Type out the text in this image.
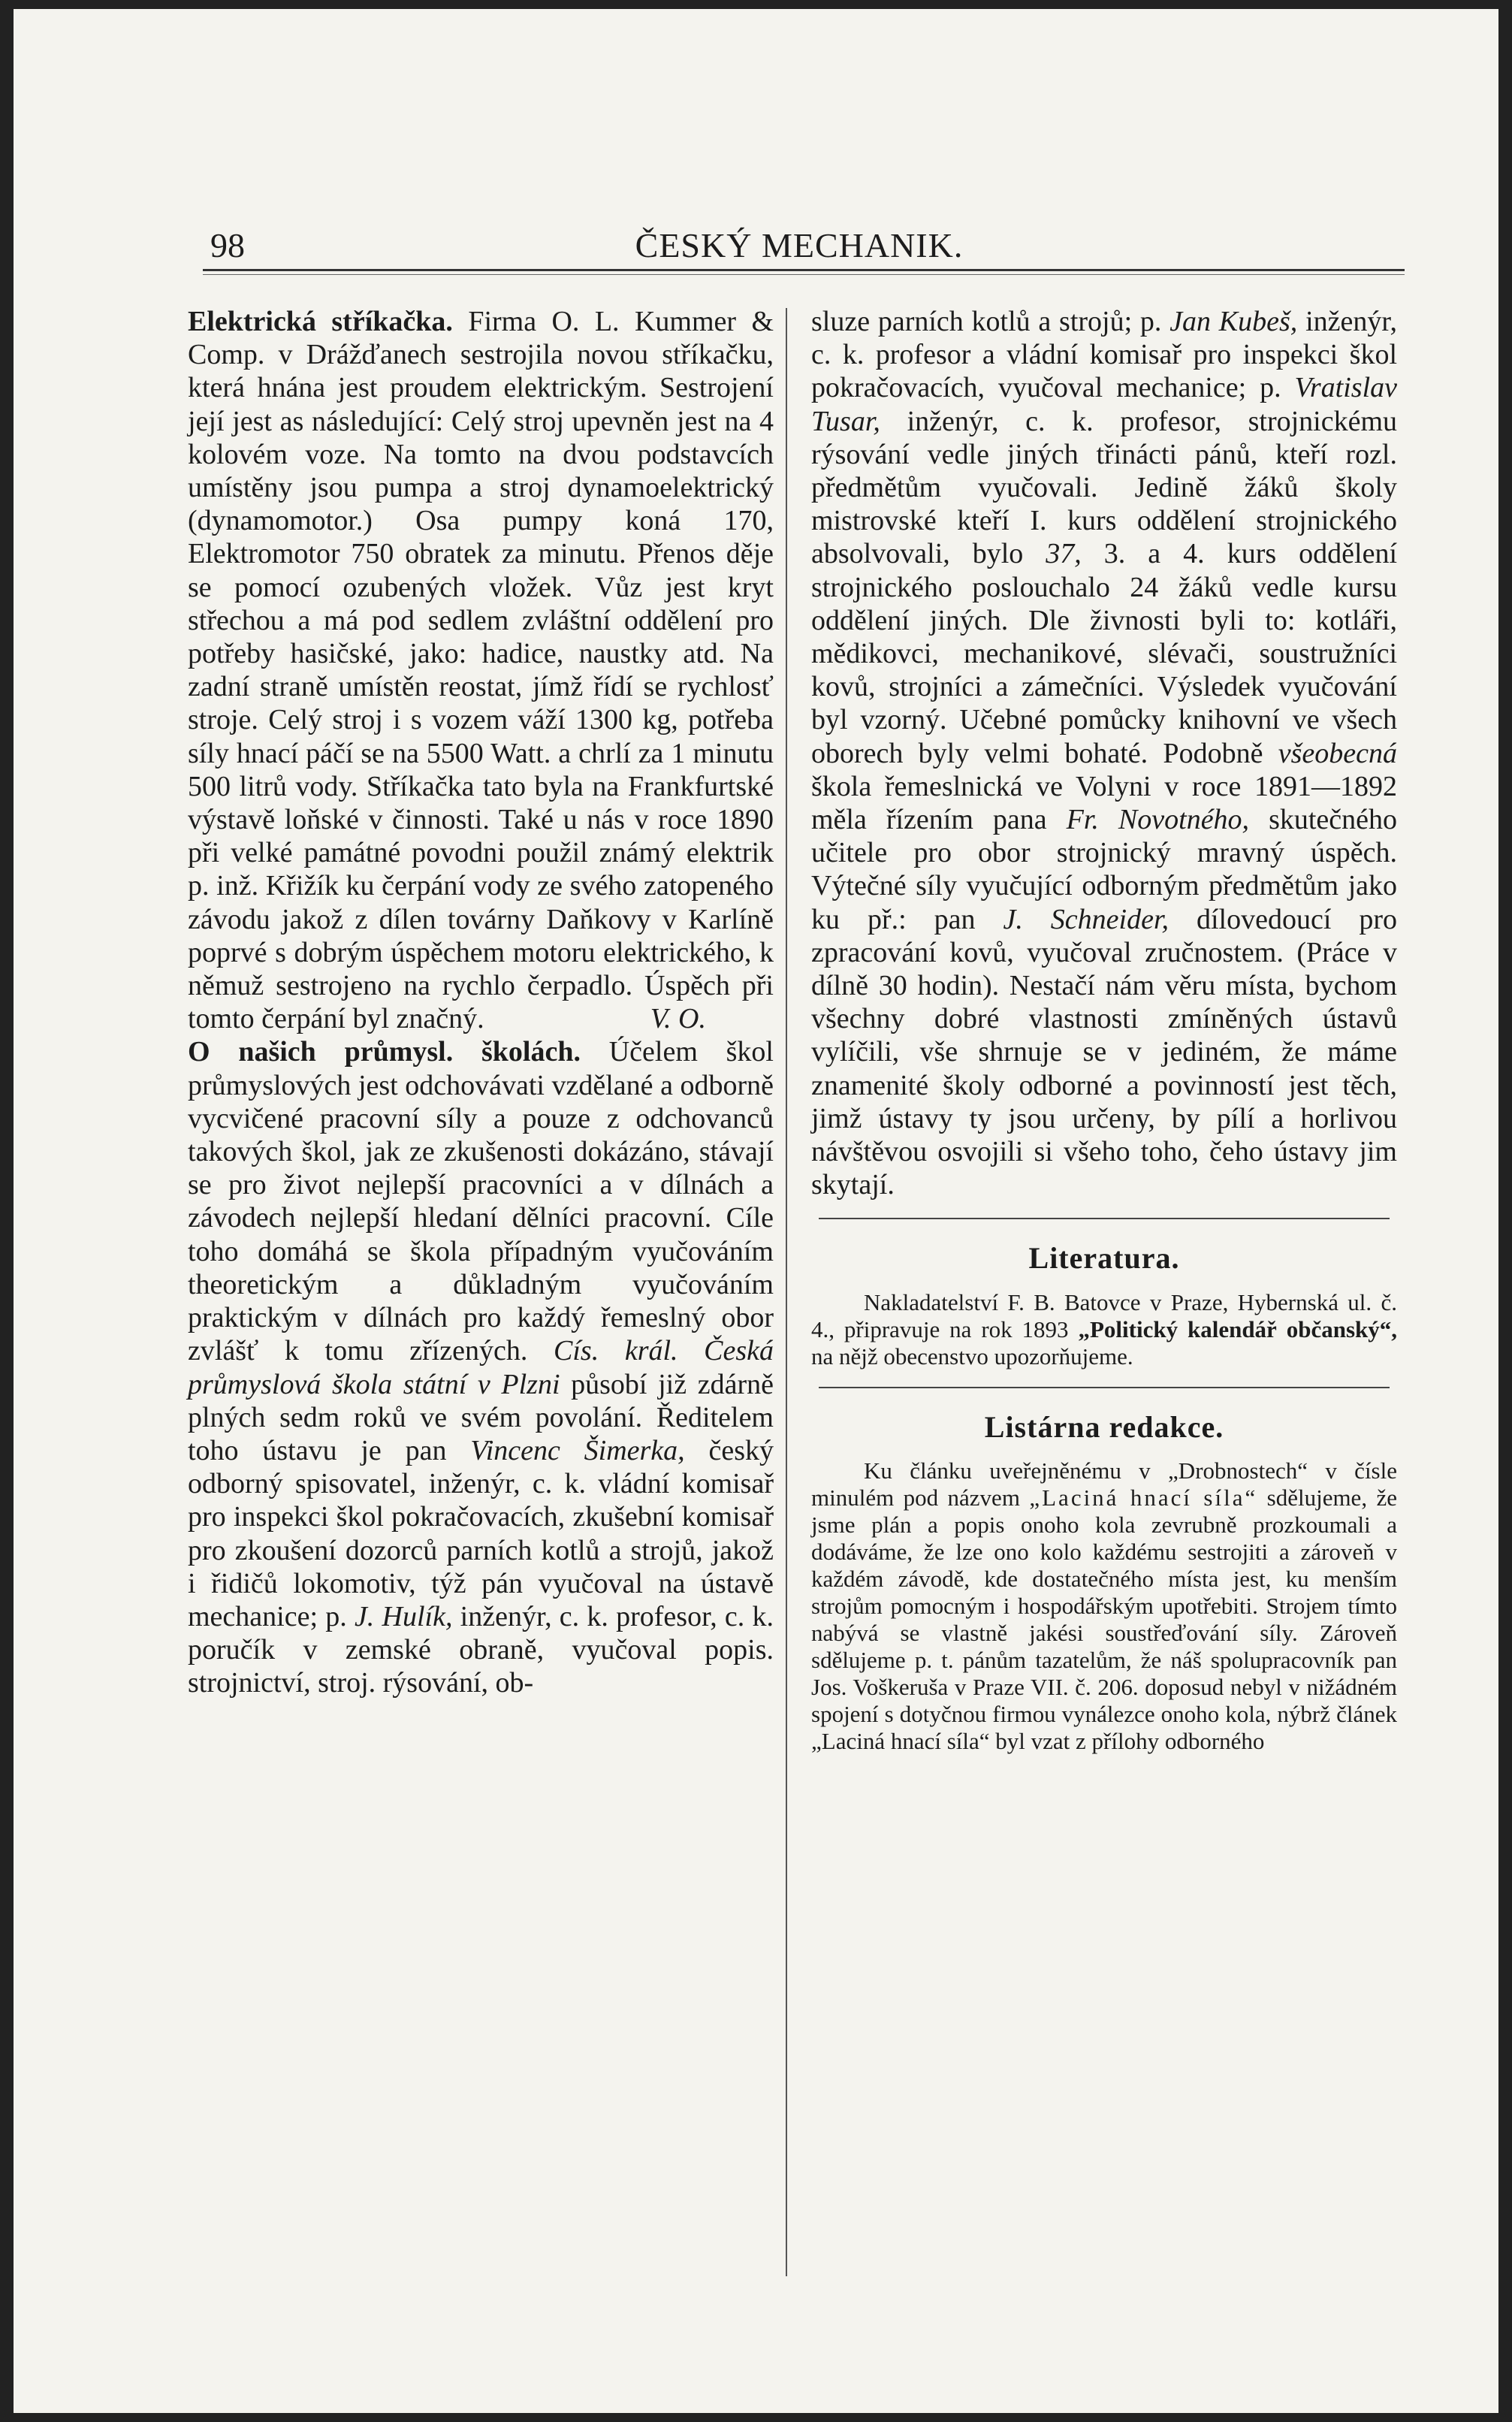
98	ČESKÝ MECHANIK.

Elektrická stříkačka. Firma O. L. Kummer & Comp. v Drážďanech sestrojila novou stříkačku, která hnána jest proudem elektrickým. Sestrojení její jest as následující: Celý stroj upevněn jest na 4 kolovém voze. Na tomto na dvou podstavcích umístěny jsou pumpa a stroj dynamoelektrický (dynamomotor.) Osa pumpy koná 170, Elektromotor 750 obratek za minutu. Přenos děje se pomocí ozubených vložek. Vůz jest kryt střechou a má pod sedlem zvláštní oddělení pro potřeby hasičské, jako: hadice, naustky atd. Na zadní straně umístěn reostat, jímž řídí se rychlosť stroje. Celý stroj i s vozem váží 1300 kg, potřeba síly hnací páčí se na 5500 Watt. a chrlí za 1 minutu 500 litrů vody. Stříkačka tato byla na Frankfurtské výstavě loňské v činnosti. Také u nás v roce 1890 při velké památné povodni použil známý elektrik p. inž. Křižík ku čerpání vody ze svého zatopeného závodu jakož z dílen továrny Daňkovy v Karlíně poprvé s dobrým úspěchem motoru elektrického, k němuž sestrojeno na rychlo čerpadlo. Úspěch při tomto čerpání byl značný.	V. O.

O našich průmysl. školách. Účelem škol průmyslových jest odchovávati vzdělané a odborně vycvičené pracovní síly a pouze z odchovanců takových škol, jak ze zkušenosti dokázáno, stávají se pro život nejlepší pracovníci a v dílnách a závodech nejlepší hledaní dělníci pracovní. Cíle toho domáhá se škola případným vyučováním theoretickým a důkladným vyučováním praktickým v dílnách pro každý řemeslný obor zvlášť k tomu zřízených. Cís. král. Česká průmyslová škola státní v Plzni působí již zdárně plných sedm roků ve svém povolání. Ředitelem toho ústavu je pan Vincenc Šimerka, český odborný spisovatel, inženýr, c. k. vládní komisař pro inspekci škol pokračovacích, zkušební komisař pro zkoušení dozorců parních kotlů a strojů, jakož i řidičů lokomotiv, týž pán vyučoval na ústavě mechanice; p. J. Hulík, inženýr, c. k. profesor, c. k. poručík v zemské obraně, vyučoval popis. strojnictví, stroj. rýsování, ob-

sluze parních kotlů a strojů; p. Jan Kubeš, inženýr, c. k. profesor a vládní komisař pro inspekci škol pokračovacích, vyučoval mechanice; p. Vratislav Tusar, inženýr, c. k. profesor, strojnickému rýsování vedle jiných třinácti pánů, kteří rozl. předmětům vyučovali. Jedině žáků školy mistrovské kteří I. kurs oddělení strojnického absolvovali, bylo 37, 3. a 4. kurs oddělení strojnického poslouchalo 24 žáků vedle kursu oddělení jiných. Dle živnosti byli to: kotláři, mědikovci, mechanikové, slévači, soustružníci kovů, strojníci a zámečníci. Výsledek vyučování byl vzorný. Učebné pomůcky knihovní ve všech oborech byly velmi bohaté. Podobně všeobecná škola řemeslnická ve Volyni v roce 1891—1892 měla řízením pana Fr. Novotného, skutečného učitele pro obor strojnický mravný úspěch. Výtečné síly vyučující odborným předmětům jako ku př.: pan J. Schneider, dílovedoucí pro zpracování kovů, vyučoval zručnostem. (Práce v dílně 30 hodin). Nestačí nám věru místa, bychom všechny dobré vlastnosti zmíněných ústavů vylíčili, vše shrnuje se v jediném, že máme znamenité školy odborné a povinností jest těch, jimž ústavy ty jsou určeny, by pílí a horlivou návštěvou osvojili si všeho toho, čeho ústavy jim skytají.

Literatura.

Nakladatelství F. B. Batovce v Praze, Hybernská ul. č. 4., připravuje na rok 1893 „Politický kalendář občanský“, na nějž obecenstvo upozorňujeme.

Listárna redakce.

Ku článku uveřejněnému v „Drobnostech“ v čísle minulém pod názvem „Laciná hnací síla“ sdělujeme, že jsme plán a popis onoho kola zevrubně prozkoumali a dodáváme, že lze ono kolo každému sestrojiti a zároveň v každém závodě, kde dostatečného místa jest, ku menším strojům pomocným i hospodářským upotřebiti. Strojem tímto nabývá se vlastně jakési soustřeďování síly. Zároveň sdělujeme p. t. pánům tazatelům, že náš spolupracovník pan Jos. Voškeruša v Praze VII. č. 206. doposud nebyl v nižádném spojení s dotyčnou firmou vynálezce onoho kola, nýbrž článek „Laciná hnací síla“ byl vzat z přílohy odborného
